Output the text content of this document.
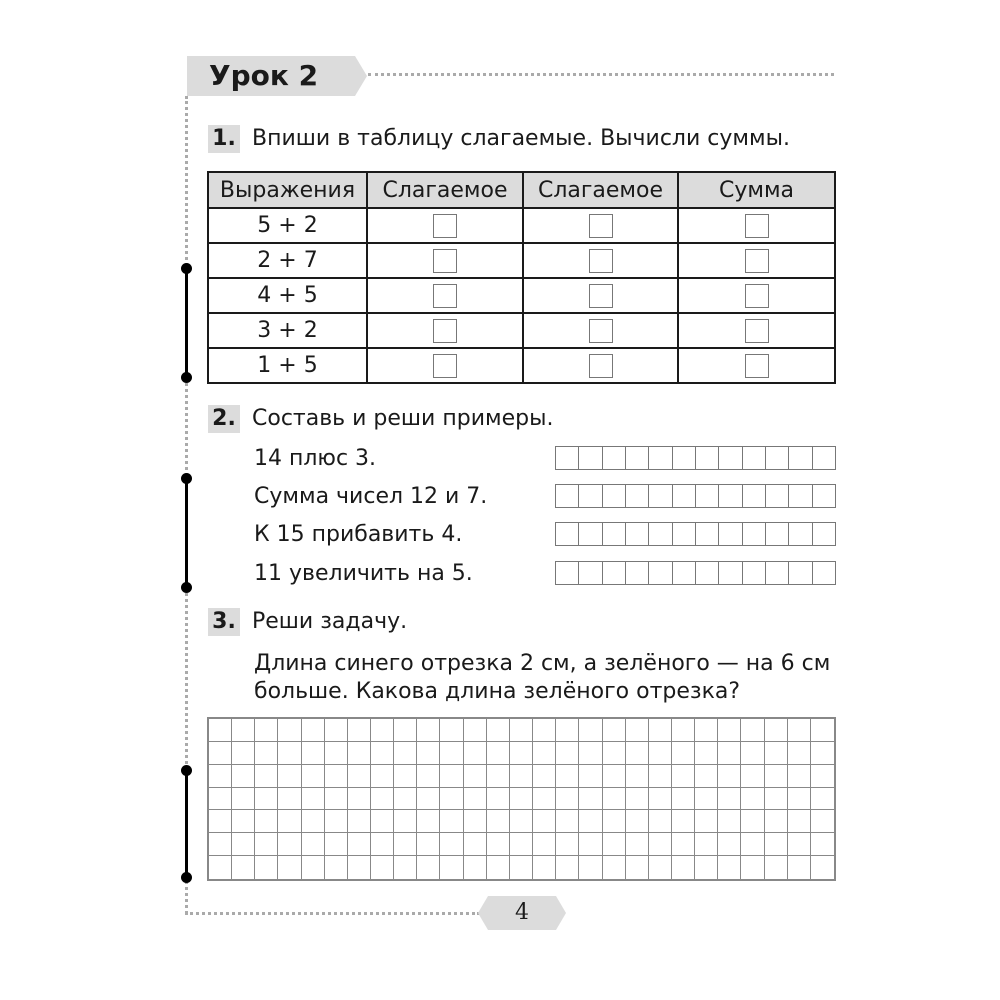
Урок 2
1. Впиши в таблицу слагаемые. Вычисли суммы.
Выражения	Слагаемое	Слагаемое	Сумма
5 + 2			
2 + 7			
4 + 5			
3 + 2			
1 + 5			
2. Составь и реши примеры.
14 плюс 3.
Сумма чисел 12 и 7.
К 15 прибавить 4.
11 увеличить на 5.
3. Реши задачу.
Длина синего отрезка 2 см, а зелёного — на 6 см
больше. Какова длина зелёного отрезка?
4
